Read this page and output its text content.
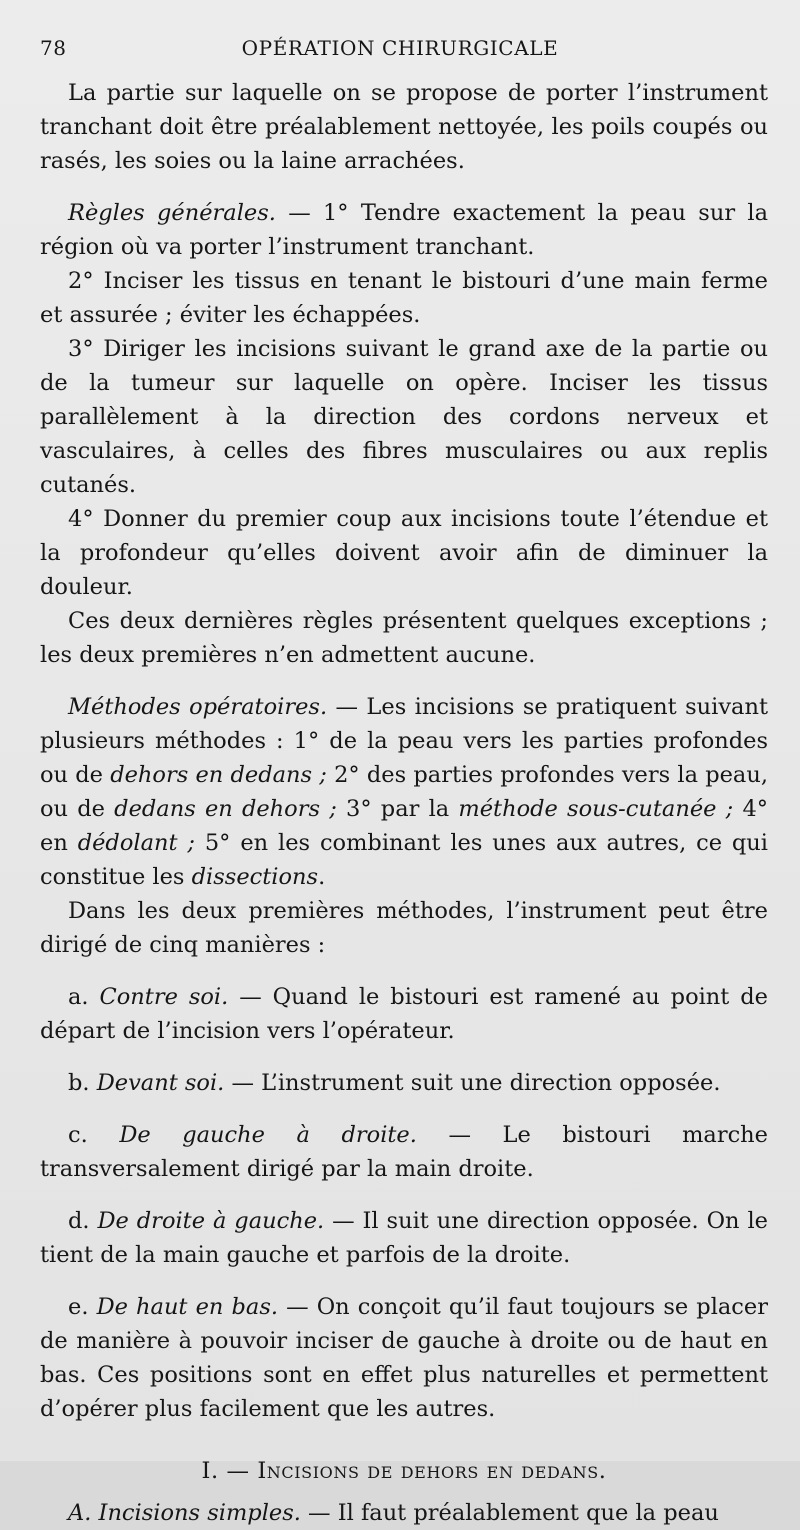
78	OPÉRATION CHIRURGICALE

La partie sur laquelle on se propose de porter l’instrument tranchant doit être préalablement nettoyée, les poils coupés ou rasés, les soies ou la laine arrachées.

Règles générales. — 1° Tendre exactement la peau sur la région où va porter l’instrument tranchant.

2° Inciser les tissus en tenant le bistouri d’une main ferme et assurée ; éviter les échappées.

3° Diriger les incisions suivant le grand axe de la partie ou de la tumeur sur laquelle on opère. Inciser les tissus parallèlement à la direction des cordons nerveux et vasculaires, à celles des fibres musculaires ou aux replis cutanés.

4° Donner du premier coup aux incisions toute l’étendue et la profondeur qu’elles doivent avoir afin de diminuer la douleur.

Ces deux dernières règles présentent quelques exceptions ; les deux premières n’en admettent aucune.

Méthodes opératoires. — Les incisions se pratiquent suivant plusieurs méthodes : 1° de la peau vers les parties profondes ou de dehors en dedans ; 2° des parties profondes vers la peau, ou de dedans en dehors ; 3° par la méthode sous-cutanée ; 4° en dédolant ; 5° en les combinant les unes aux autres, ce qui constitue les dissections.

Dans les deux premières méthodes, l’instrument peut être dirigé de cinq manières :

a. Contre soi. — Quand le bistouri est ramené au point de départ de l’incision vers l’opérateur.

b. Devant soi. — L’instrument suit une direction opposée.

c. De gauche à droite. — Le bistouri marche transversalement dirigé par la main droite.

d. De droite à gauche. — Il suit une direction opposée. On le tient de la main gauche et parfois de la droite.

e. De haut en bas. — On conçoit qu’il faut toujours se placer de manière à pouvoir inciser de gauche à droite ou de haut en bas. Ces positions sont en effet plus naturelles et permettent d’opérer plus facilement que les autres.

I. — Incisions de dehors en dedans.

A. Incisions simples. — Il faut préalablement que la peau
